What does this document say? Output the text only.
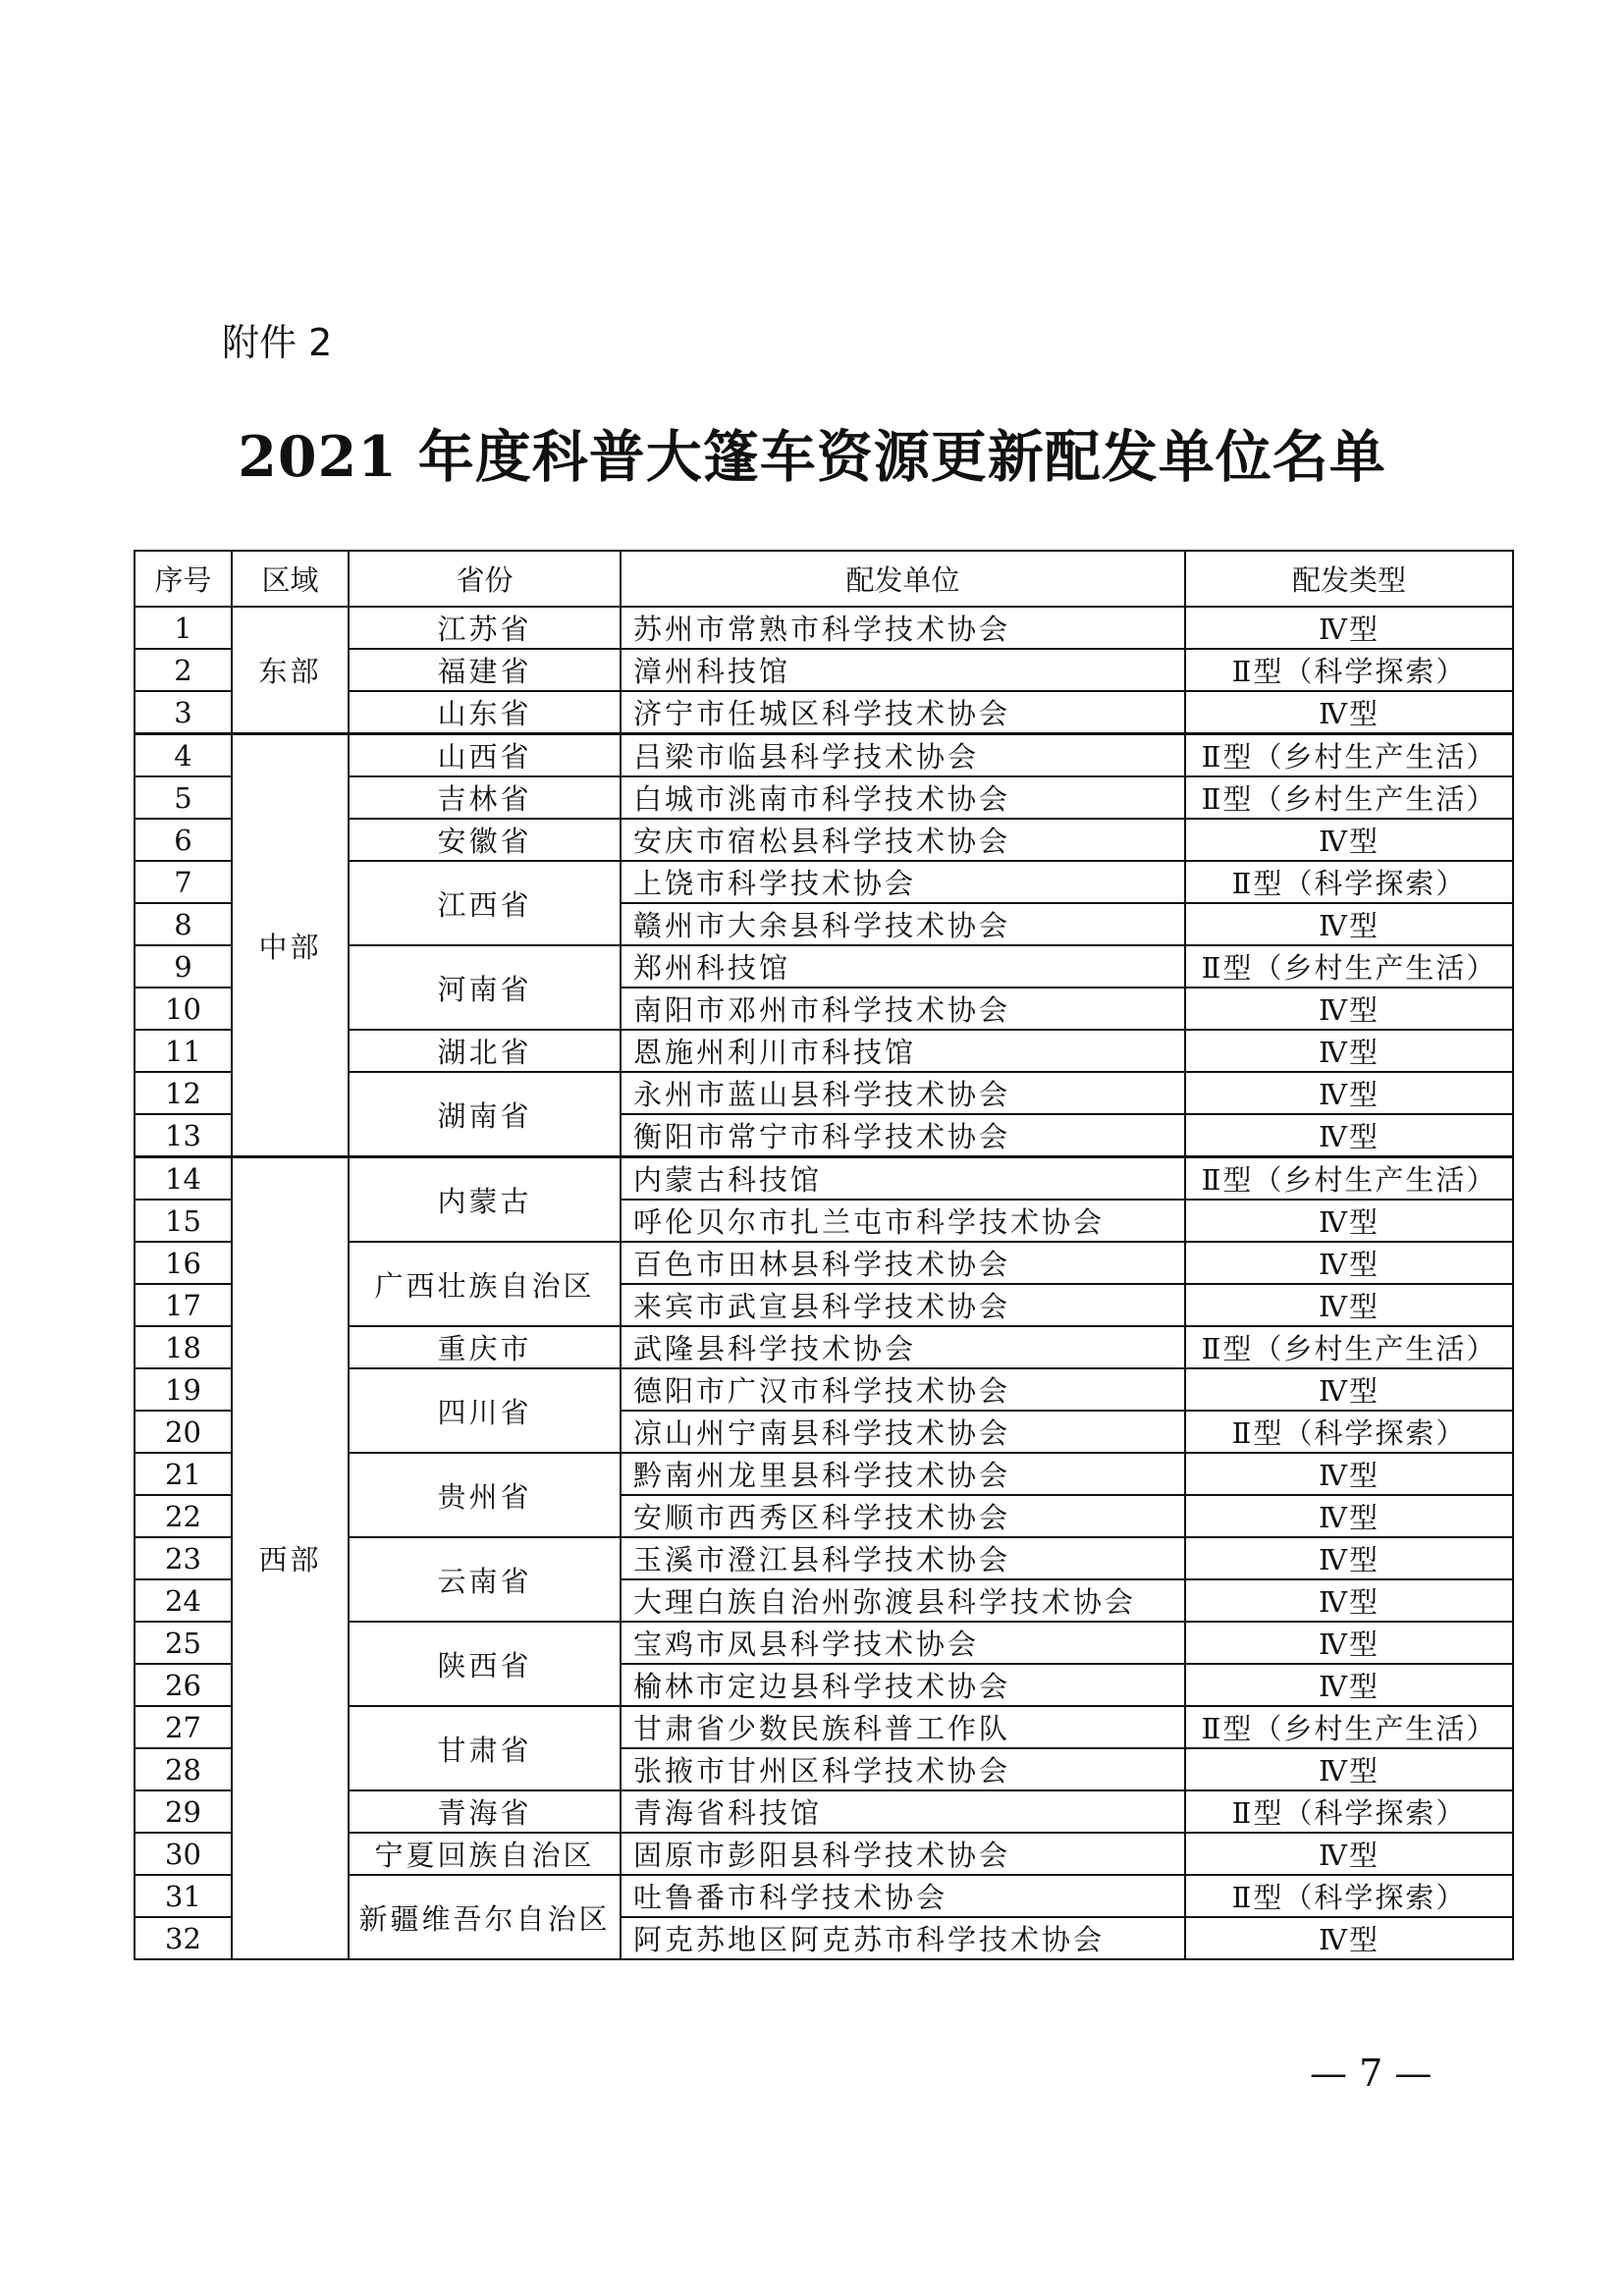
附件 2
2021 年度科普大篷车资源更新配发单位名单
序号	区域	省份	配发单位	配发类型
1	东部	江苏省	苏州市常熟市科学技术协会	Ⅳ型
2		福建省	漳州科技馆	Ⅱ型（科学探索）
3		山东省	济宁市任城区科学技术协会	Ⅳ型
4	中部	山西省	吕梁市临县科学技术协会	Ⅱ型（乡村生产生活）
5		吉林省	白城市洮南市科学技术协会	Ⅱ型（乡村生产生活）
6		安徽省	安庆市宿松县科学技术协会	Ⅳ型
7		江西省	上饶市科学技术协会	Ⅱ型（科学探索）
8			赣州市大余县科学技术协会	Ⅳ型
9		河南省	郑州科技馆	Ⅱ型（乡村生产生活）
10			南阳市邓州市科学技术协会	Ⅳ型
11		湖北省	恩施州利川市科技馆	Ⅳ型
12		湖南省	永州市蓝山县科学技术协会	Ⅳ型
13			衡阳市常宁市科学技术协会	Ⅳ型
14	西部	内蒙古	内蒙古科技馆	Ⅱ型（乡村生产生活）
15			呼伦贝尔市扎兰屯市科学技术协会	Ⅳ型
16		广西壮族自治区	百色市田林县科学技术协会	Ⅳ型
17			来宾市武宣县科学技术协会	Ⅳ型
18		重庆市	武隆县科学技术协会	Ⅱ型（乡村生产生活）
19		四川省	德阳市广汉市科学技术协会	Ⅳ型
20			凉山州宁南县科学技术协会	Ⅱ型（科学探索）
21		贵州省	黔南州龙里县科学技术协会	Ⅳ型
22			安顺市西秀区科学技术协会	Ⅳ型
23		云南省	玉溪市澄江县科学技术协会	Ⅳ型
24			大理白族自治州弥渡县科学技术协会	Ⅳ型
25		陕西省	宝鸡市凤县科学技术协会	Ⅳ型
26			榆林市定边县科学技术协会	Ⅳ型
27		甘肃省	甘肃省少数民族科普工作队	Ⅱ型（乡村生产生活）
28			张掖市甘州区科学技术协会	Ⅳ型
29		青海省	青海省科技馆	Ⅱ型（科学探索）
30		宁夏回族自治区	固原市彭阳县科学技术协会	Ⅳ型
31		新疆维吾尔自治区	吐鲁番市科学技术协会	Ⅱ型（科学探索）
32			阿克苏地区阿克苏市科学技术协会	Ⅳ型
— 7 —
